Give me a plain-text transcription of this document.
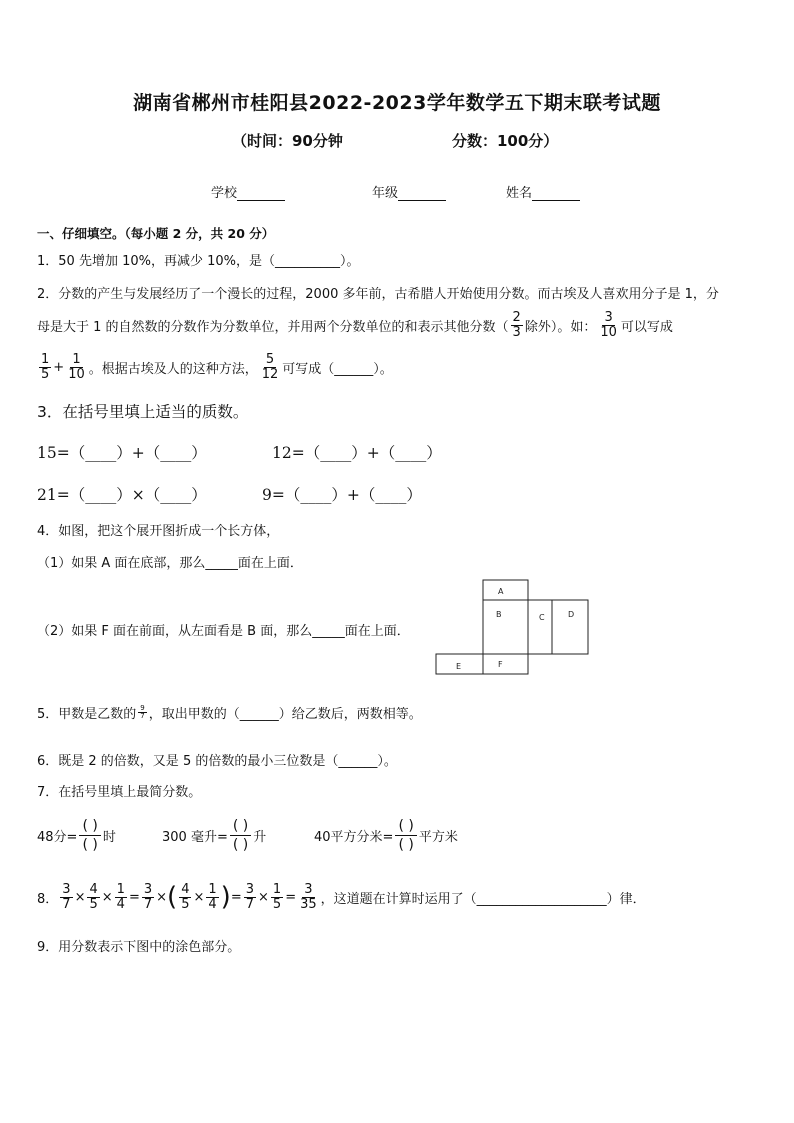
湖南省郴州市桂阳县2022-2023学年数学五下期末联考试题
（时间：90分钟	分数：100分）
学校	年级	姓名
一、仔细填空。（每小题 2 分，共 20 分）
1．50 先增加 10%，再减少 10%，是（__________）。
2．分数的产生与发展经历了一个漫长的过程，2000 多年前，古希腊人开始使用分数。而古埃及人喜欢用分子是 1，分
母是大于 1 的自然数的分数作为分数单位，并用两个分数单位的和表示其他分数（ $\frac{2}{3}$ 除外）。如： $\frac{3}{10}$ 可以写成
$\frac{1}{5} + \frac{1}{10}$ 。根据古埃及人的这种方法， $\frac{5}{12}$ 可写成（______）。
3．在括号里填上适当的质数。
15=（____）+（____）	12=（____）+（____）
21=（____）×（____）	9=（____）+（____）
4．如图，把这个展开图折成一个长方体，
（1）如果 A 面在底部，那么_____面在上面．
（2）如果 F 面在前面，从左面看是 B 面，那么_____面在上面．
A
B	C	D
E	F
5．甲数是乙数的 $\frac{9}{7}$ ，取出甲数的（______）给乙数后，两数相等。
6．既是 2 的倍数，又是 5 的倍数的最小三位数是（______）。
7．在括号里填上最简分数。
48分= $\frac{( )}{( )}$ 时	300 毫升= $\frac{( )}{( )}$ 升	40平方分米= $\frac{( )}{( )}$ 平方米
8． $\frac{3}{7} \times \frac{4}{5} \times \frac{1}{4} = \frac{3}{7}$ × ( $\frac{4}{5} \times \frac{1}{4}$ ) = $\frac{3}{7} \times \frac{1}{5} = \frac{3}{35}$ ，这道题在计算时运用了（____________________）律．
9．用分数表示下图中的涂色部分。
